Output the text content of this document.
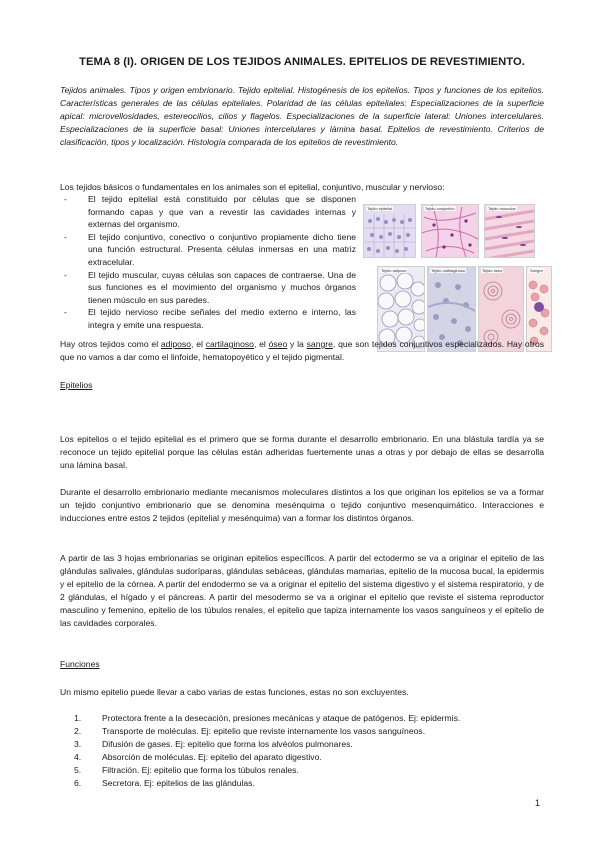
TEMA 8 (I). ORIGEN DE LOS TEJIDOS ANIMALES. EPITELIOS DE REVESTIMIENTO.

Tejidos animales. Tipos y origen embrionario. Tejido epitelial. Histogénesis de los epitelios. Tipos y funciones de los epitelios. Características generales de las células epiteliales. Polaridad de las células epiteliales: Especializaciones de la superficie apical: microvellosidades, estereocilios, cilios y flagelos. Especializaciones de la superficie lateral: Uniones intercelulares. Especializaciones de la superficie basal: Uniones intercelulares y lámina basal. Epitelios de revestimiento. Criterios de clasificación, tipos y localización. Histología comparada de los epitelios de revestimiento.

Los tejidos básicos o fundamentales en los animales son el epitelial, conjuntivo, muscular y nervioso:

- El tejido epitelial está constituido por células que se disponen formando capas y que van a revestir las cavidades internas y externas del organismo.
- El tejido conjuntivo, conectivo o conjuntivo propiamente dicho tiene una función estructural. Presenta células inmersas en una matriz extracelular.
- El tejido muscular, cuyas células son capaces de contraerse. Una de sus funciones es el movimiento del organismo y muchos órganos tienen músculo en sus paredes.
- El tejido nervioso recibe señales del medio externo e interno, las integra y emite una respuesta.
Tejido epitelial	Tejido conjuntivo	Tejido muscular
Tejido adiposo	Tejido cartilaginoso	Tejido óseo	Sangre

Hay otros tejidos como el adiposo, el cartilaginoso, el óseo y la sangre, que son tejidos conjuntivos especializados. Hay otros que no vamos a dar como el linfoide, hematopoyético y el tejido pigmental.

Epitelios

Los epitelios o el tejido epitelial es el primero que se forma durante el desarrollo embrionario. En una blástula tardía ya se reconoce un tejido epitelial porque las células están adheridas fuertemente unas a otras y por debajo de ellas se desarrolla una lámina basal.

Durante el desarrollo embrionario mediante mecanismos moleculares distintos a los que originan los epitelios se va a formar un tejido conjuntivo embrionario que se denomina mesénquima o tejido conjuntivo mesenquimático. Interacciones e inducciones entre estos 2 tejidos (epitelial y mesénquima) van a formar los distintos órganos.

A partir de las 3 hojas embrionarias se originan epitelios específicos. A partir del ectodermo se va a originar el epitelio de las glándulas salivales, glándulas sudoríparas, glándulas sebáceas, glándulas mamarias, epitelio de la mucosa bucal, la epidermis y el epitelio de la córnea. A partir del endodermo se va a originar el epitelio del sistema digestivo y el sistema respiratorio, y de 2 glándulas, el hígado y el páncreas. A partir del mesodermo se va a originar el epitelio que reviste el sistema reproductor masculino y femenino, epitelio de los túbulos renales, el epitelio que tapiza internamente los vasos sanguíneos y el epitelio de las cavidades corporales.

Funciones

Un mismo epitelio puede llevar a cabo varias de estas funciones, estas no son excluyentes.

1. Protectora frente a la desecación, presiones mecánicas y ataque de patógenos. Ej: epidermis.
2. Transporte de moléculas. Ej: epitelio que reviste internamente los vasos sanguíneos.
3. Difusión de gases. Ej: epitelio que forma los alvéolos pulmonares.
4. Absorción de moléculas. Ej: epitelio del aparato digestivo.
5. Filtración. Ej: epitelio que forma los túbulos renales.
6. Secretora. Ej: epitelios de las glándulas.
1
